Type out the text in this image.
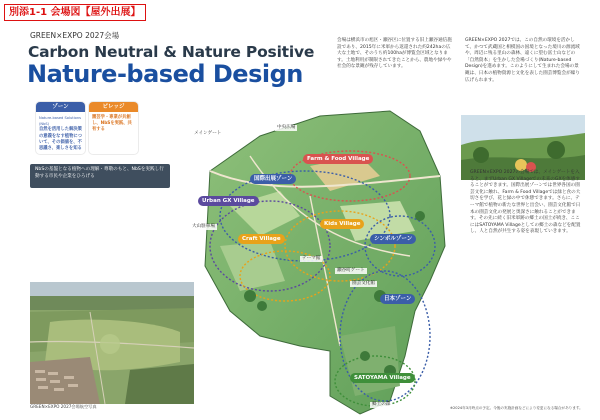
別添1-1 会場図【屋外出展】
GREEN×EXPO 2027会場
Carbon Neutral & Nature Positive
Nature-based Design
会場は横浜市の旭区・瀬谷区に位置する旧上瀬谷通信施設であり、2015年に米軍から返還された約242haの広大な土地で、そのうち約100haが博覧会区域となります。土地利用が制限されてきたことから、農地や緑やや社会的な景観が残存しています。
GREEN×EXPO 2027では、この自然の環境を活かして、かつて武蔵国と相模国の国境となった境川の源流域や、周辺に残る里山の森林、遠くに望む富士山などの「自然資本」を生かした会場づくり(Nature-based Design)を進めます。このようにして生まれた会場の景観は、日本の植物資源と文化を表した園芸博覧会が繰り広げられます。
ゾーン
Nature-based Solutions (NbS)
自然を活用した解決策の意義をなす植物について、その価値を、不思議さ、楽しさを知る
ビレッジ
園芸学・専業が共創し、NbSを実践、共有する
NbSの基盤となる植物への理解・尊敬のもと、NbSを実践し行動する市民や企業をひろげる
GREEN×EXPO 2027会場航空写真
Farm & Food Village
Urban GX Village
Kids Village
Craft Village
SATOYAMA Village
国際出展ゾーン
シンボルゾーン
日本ゾーン
メインゲート
中央広場
大山駐車場
テーマ館
園芸文化館
郷土の森
瀬谷町ゲート
GREEN×EXPO 2027の会場では、メインゲートを入ると、まずUrban GX Villageでの未来のGXを体感することができます。国際出展ゾーンでは世界各国の園芸文化に触れ、Farm & Food Villageでは緑と食の大切さを学び、花と緑の中で休憩できます。さらに、テーマ館で植物の新たな世界と出会い、園芸文化館で日本の園芸文化の発展と奥深さに触れることができます。その先に続く旧米軍跡の郷土の国土が続き、ここにはSATOYAMA Villageとしての郷土の森などを配置し、人と自然が共生する姿を表現していきます。
※2024年3月時点の予定。今後の実施計画などにより変更になる場合があります。
